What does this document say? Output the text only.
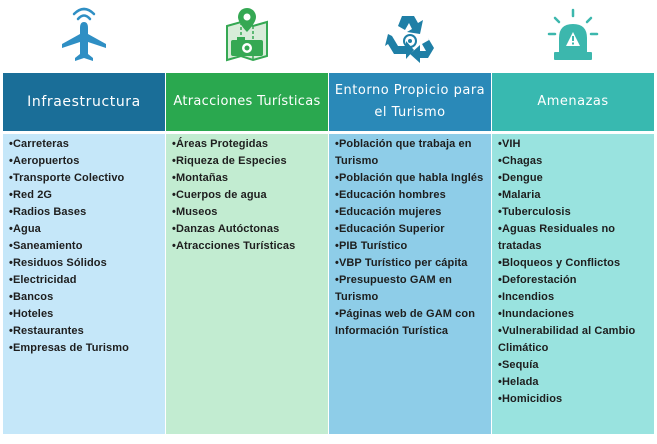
Infraestructura
• Carreteras
• Aeropuertos
• Transporte Colectivo
• Red 2G
• Radios Bases
• Agua
• Saneamiento
• Residuos Sólidos
• Electricidad
• Bancos
• Hoteles
• Restaurantes
• Empresas de Turismo
Atracciones Turísticas
• Áreas Protegidas
• Riqueza de Especies
• Montañas
• Cuerpos de agua
• Museos
• Danzas Autóctonas
• Atracciones Turísticas
Entorno Propicio para el Turismo
• Población que trabaja en Turismo
• Población que habla Inglés
• Educación hombres
• Educación mujeres
• Educación Superior
• PIB Turístico
• VBP Turístico per cápita
• Presupuesto GAM en Turismo
• Páginas web de GAM con Información Turística
Amenazas
• VIH
• Chagas
• Dengue
• Malaria
• Tuberculosis
• Aguas Residuales no tratadas
• Bloqueos y Conflictos
• Deforestación
• Incendios
• Inundaciones
• Vulnerabilidad al Cambio Climático
• Sequía
• Helada
• Homicidios
